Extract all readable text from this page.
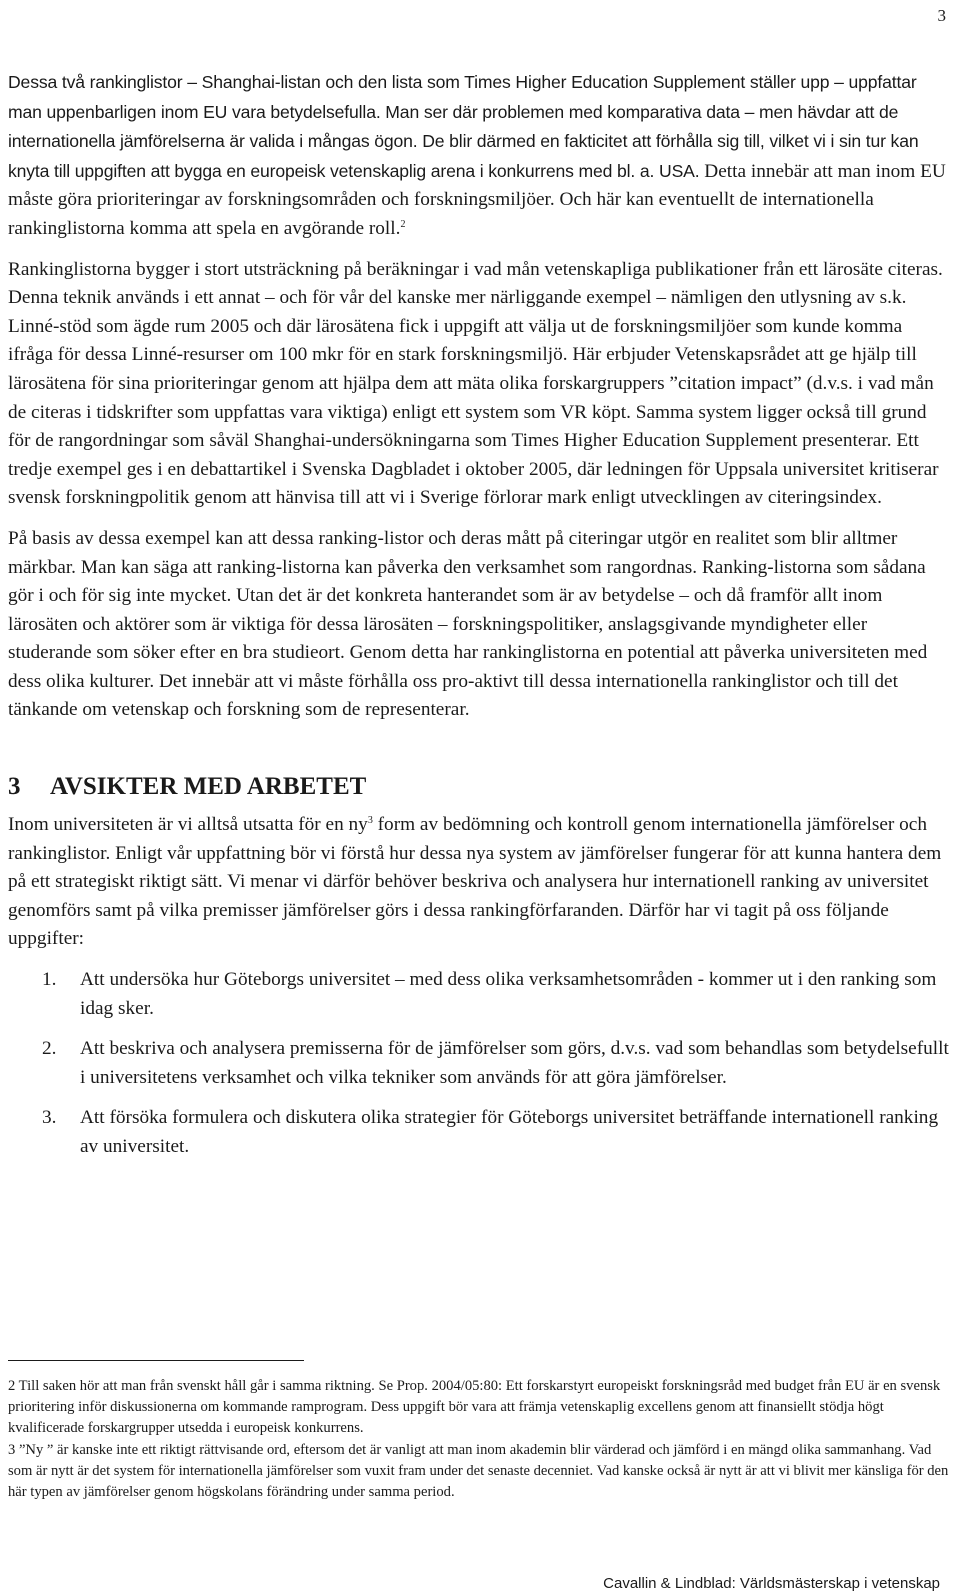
3

Dessa två rankinglistor – Shanghai-listan och den lista som Times Higher Education Supplement ställer upp – uppfattar man uppenbarligen inom EU vara betydelsefulla. Man ser där problemen med komparativa data – men hävdar att de internationella jämförelserna är valida i mångas ögon. De blir därmed en fakticitet att förhålla sig till, vilket vi i sin tur kan knyta till uppgiften att bygga en europeisk vetenskaplig arena i konkurrens med bl. a. USA. Detta innebär att man inom EU måste göra prioriteringar av forskningsområden och forskningsmiljöer. Och här kan eventuellt de internationella rankinglistorna komma att spela en avgörande roll.$^2$

Rankinglistorna bygger i stort utsträckning på beräkningar i vad mån vetenskapliga publikationer från ett lärosäte citeras. Denna teknik används i ett annat – och för vår del kanske mer närliggande exempel – nämligen den utlysning av s.k. Linné-stöd som ägde rum 2005 och där lärosätena fick i uppgift att välja ut de forskningsmiljöer som kunde komma ifråga för dessa Linné-resurser om 100 mkr för en stark forskningsmiljö. Här erbjuder Vetenskapsrådet att ge hjälp till lärosätena för sina prioriteringar genom att hjälpa dem att mäta olika forskargruppers ”citation impact” (d.v.s. i vad mån de citeras i tidskrifter som uppfattas vara viktiga) enligt ett system som VR köpt. Samma system ligger också till grund för de rangordningar som såväl Shanghai-undersökningarna som Times Higher Education Supplement presenterar. Ett tredje exempel ges i en debattartikel i Svenska Dagbladet i oktober 2005, där ledningen för Uppsala universitet kritiserar svensk forskningpolitik genom att hänvisa till att vi i Sverige förlorar mark enligt utvecklingen av citeringsindex.

På basis av dessa exempel kan att dessa ranking-listor och deras mått på citeringar utgör en realitet som blir alltmer märkbar. Man kan säga att ranking-listorna kan påverka den verksamhet som rangordnas. Ranking-listorna som sådana gör i och för sig inte mycket. Utan det är det konkreta hanterandet som är av betydelse – och då framför allt inom lärosäten och aktörer som är viktiga för dessa lärosäten – forskningspolitiker, anslagsgivande myndigheter eller studerande som söker efter en bra studieort. Genom detta har rankinglistorna en potential att påverka universiteten med dess olika kulturer. Det innebär att vi måste förhålla oss pro-aktivt till dessa internationella rankinglistor och till det tänkande om vetenskap och forskning som de representerar.

3 AVSIKTER MED ARBETET

Inom universiteten är vi alltså utsatta för en $ny^3$ form av bedömning och kontroll genom internationella jämförelser och rankinglistor. Enligt vår uppfattning bör vi förstå hur dessa nya system av jämförelser fungerar för att kunna hantera dem på ett strategiskt riktigt sätt. Vi menar vi därför behöver beskriva och analysera hur internationell ranking av universitet genomförs samt på vilka premisser jämförelser görs i dessa rankingförfaranden. Därför har vi tagit på oss följande uppgifter:

1. Att undersöka hur Göteborgs universitet – med dess olika verksamhetsområden - kommer ut i den ranking som idag sker.
2. Att beskriva och analysera premisserna för de jämförelser som görs, d.v.s. vad som behandlas som betydelsefullt i universitetens verksamhet och vilka tekniker som används för att göra jämförelser.
3. Att försöka formulera och diskutera olika strategier för Göteborgs universitet beträffande internationell ranking av universitet.

2 Till saken hör att man från svenskt håll går i samma riktning. Se Prop. 2004/05:80: Ett forskarstyrt europeiskt forskningsråd med budget från EU är en svensk prioritering inför diskussionerna om kommande ramprogram. Dess uppgift bör vara att främja vetenskaplig excellens genom att finansiellt stödja högt kvalificerade forskargrupper utsedda i europeisk konkurrens.

3 ”Ny ” är kanske inte ett riktigt rättvisande ord, eftersom det är vanligt att man inom akademin blir värderad och jämförd i en mängd olika sammanhang. Vad som är nytt är det system för internationella jämförelser som vuxit fram under det senaste decenniet. Vad kanske också är nytt är att vi blivit mer känsliga för den här typen av jämförelser genom högskolans förändring under samma period.

Cavallin & Lindblad: Världsmästerskap i vetenskap
